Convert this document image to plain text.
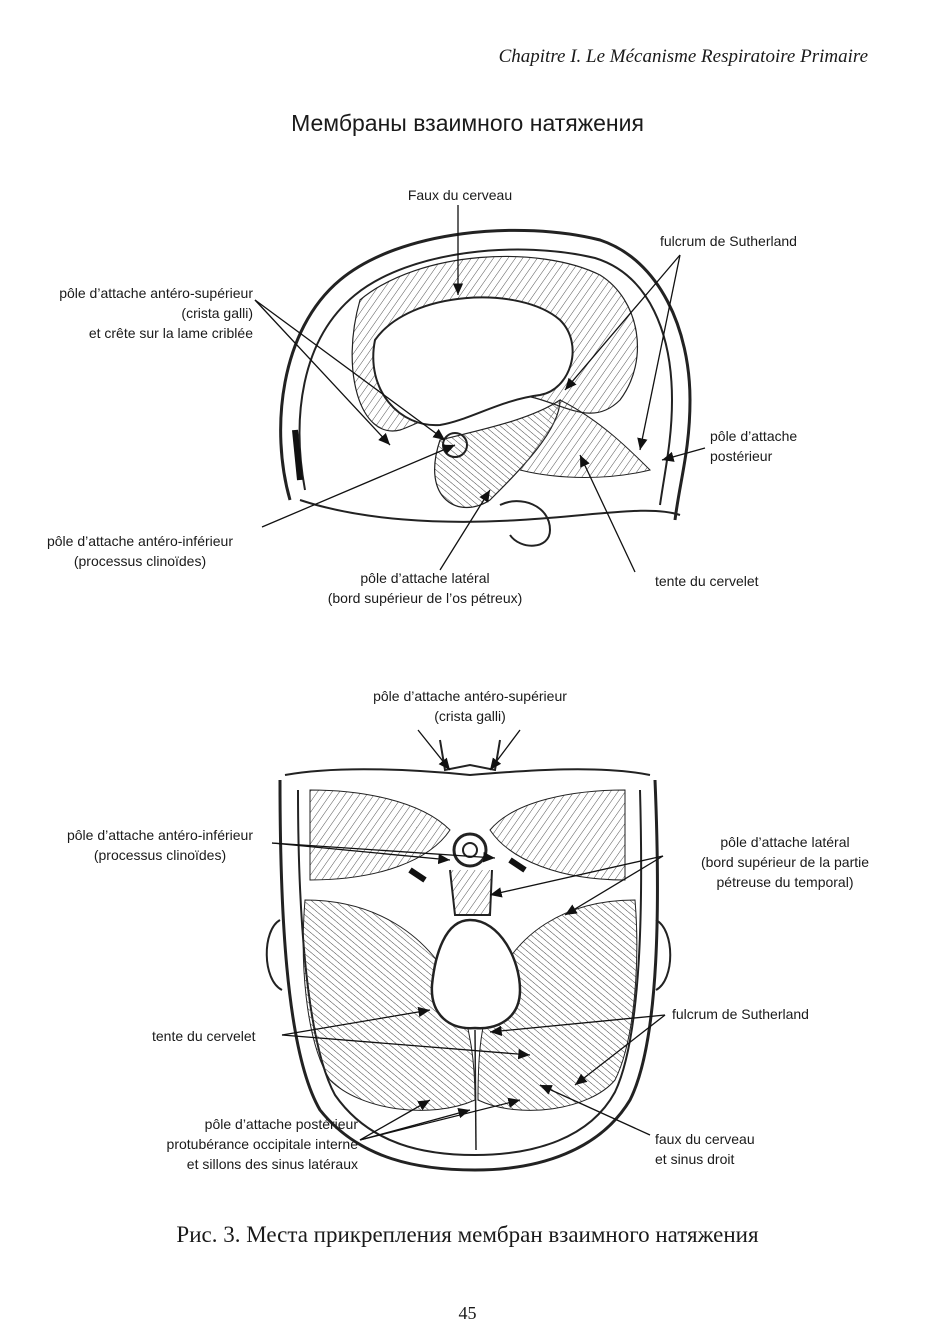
Chapitre I. Le Mécanisme Respiratoire Primaire
Мембраны взаимного натяжения
Faux du cerveau
fulcrum de Sutherland
pôle d’attache antéro-supérieur
(crista galli)
et crête sur la lame criblée
pôle d’attache
postérieur
pôle d’attache antéro-inférieur
(processus clinoïdes)
pôle d’attache latéral
(bord supérieur de l’os pétreux)
tente du cervelet
pôle d’attache antéro-supérieur
(crista galli)
pôle d’attache antéro-inférieur
(processus clinoïdes)
pôle d’attache latéral
(bord supérieur de la partie
pétreuse du temporal)
tente du cervelet
fulcrum de Sutherland
pôle d’attache postérieur
protubérance occipitale interne
et sillons des sinus latéraux
faux du cerveau
et sinus droit
Рис. 3. Места прикрепления мембран взаимного натяжения
45
